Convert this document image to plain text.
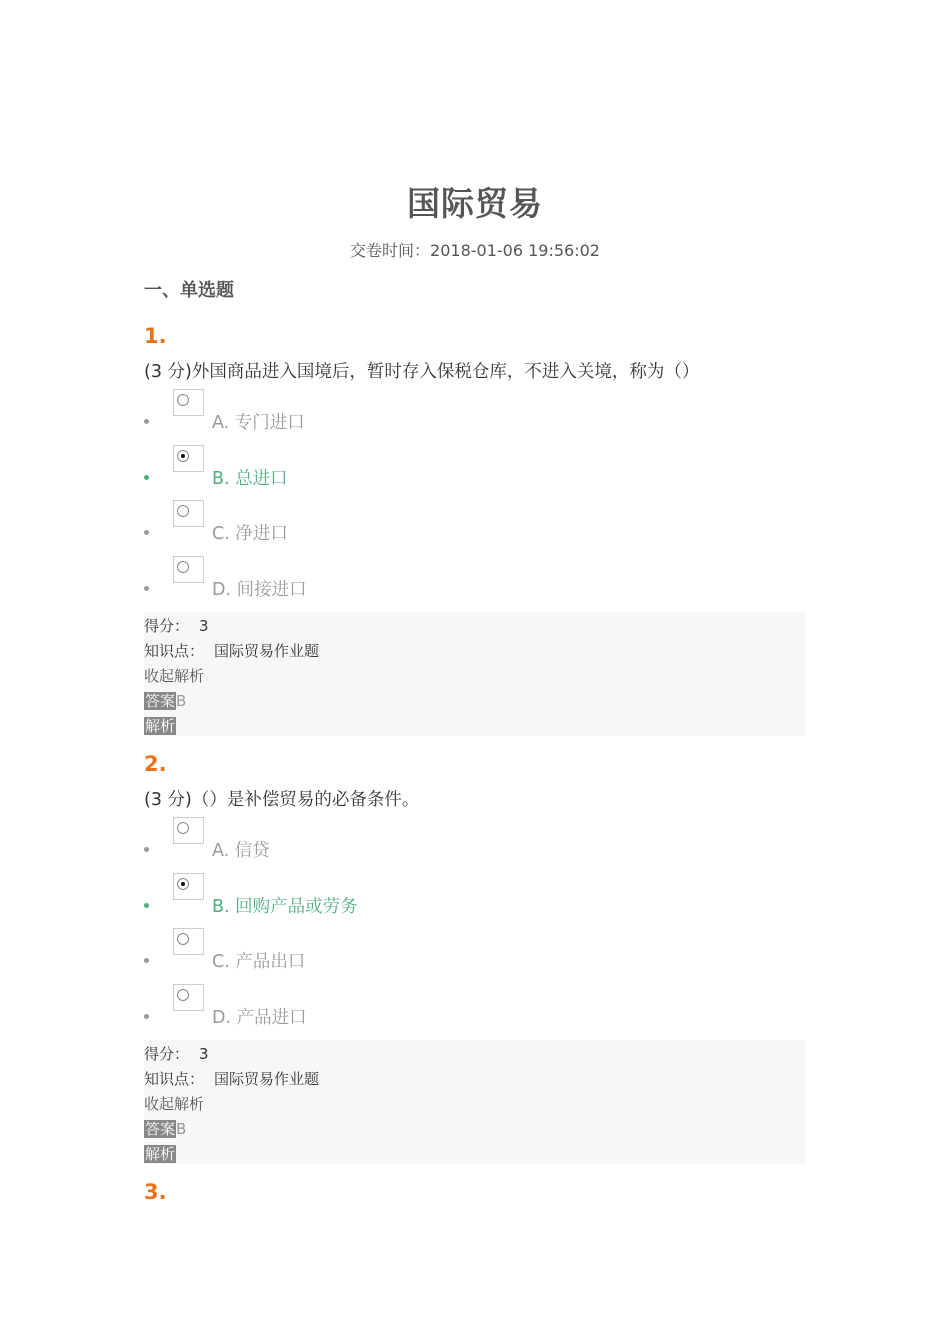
国际贸易
交卷时间：2018-01-06 19:56:02
一、单选题
1.
(3 分)外国商品进入国境后，暂时存入保税仓库，不进入关境，称为（）
A. 专门进口
B. 总进口
C. 净进口
D. 间接进口
得分： 3
知识点： 国际贸易作业题
收起解析
答案B
解析
2.
(3 分)（）是补偿贸易的必备条件。
A. 信贷
B. 回购产品或劳务
C. 产品出口
D. 产品进口
得分： 3
知识点： 国际贸易作业题
收起解析
答案B
解析
3.
